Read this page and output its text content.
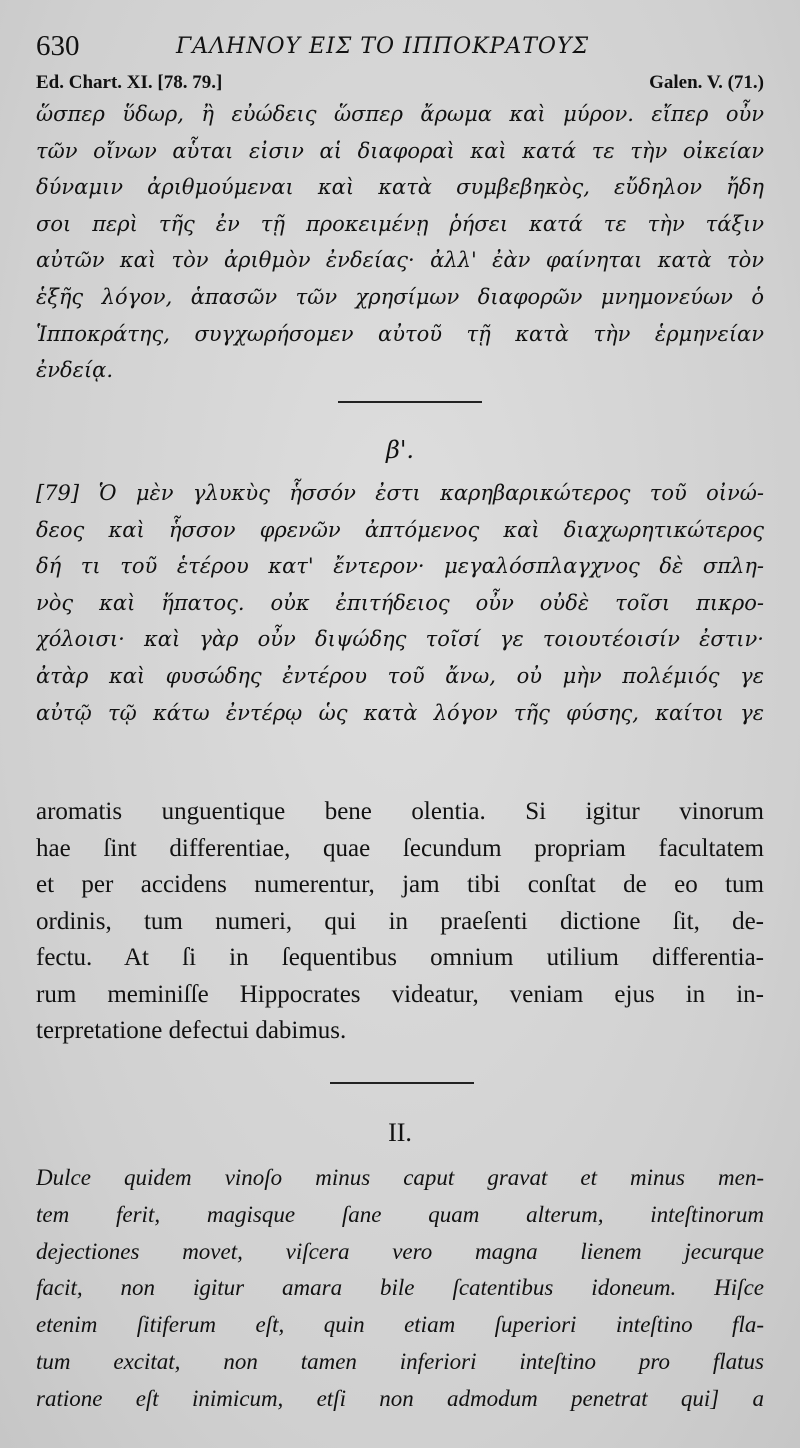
630	ΓΑΛΗΝΟΥ ΕΙΣ ΤΟ ΙΠΠΟΚΡΑΤΟΥΣ
Ed. Chart. XI. [78. 79.]	Galen. V. (71.)
ὥσπερ ὕδωρ, ἢ εὐώδεις ὥσπερ ἄρωμα καὶ μύρον. εἴπερ οὖν
τῶν οἴνων αὗται εἰσιν αἱ διαφοραὶ καὶ κατά τε τὴν οἰκείαν
δύναμιν ἀριθμούμεναι καὶ κατὰ συμβεβηκὸς, εὔδηλον ἤδη
σοι περὶ τῆς ἐν τῇ προκειμένῃ ῥήσει κατά τε τὴν τάξιν
αὐτῶν καὶ τὸν ἀριθμὸν ἐνδείας· ἀλλ' ἐὰν φαίνηται κατὰ τὸν
ἑξῆς λόγον, ἁπασῶν τῶν χρησίμων διαφορῶν μνημονεύων ὁ
Ἱπποκράτης, συγχωρήσομεν αὐτοῦ τῇ κατὰ τὴν ἑρμηνείαν
ἐνδείᾳ.
β'.
[79] Ὁ μὲν γλυκὺς ἧσσόν ἐστι καρηβαρικώτερος τοῦ οἰνώ-
δεος καὶ ἧσσον φρενῶν ἀπτόμενος καὶ διαχωρητικώτερος
δή τι τοῦ ἑτέρου κατ' ἔντερον· μεγαλόσπλαγχνος δὲ σπλη-
νὸς καὶ ἥπατος. οὐκ ἐπιτήδειος οὖν οὐδὲ τοῖσι πικρο-
χόλοισι· καὶ γὰρ οὖν διψώδης τοῖσί γε τοιουτέοισίν ἐστιν·
ἀτὰρ καὶ φυσώδης ἐντέρου τοῦ ἄνω, οὐ μὴν πολέμιός γε
αὐτῷ τῷ κάτω ἐντέρῳ ὡς κατὰ λόγον τῆς φύσης, καίτοι γε
aromatis unguentique bene olentia. Si igitur vinorum
hae ſint differentiae, quae ſecundum propriam facultatem
et per accidens numerentur, jam tibi conſtat de eo tum
ordinis, tum numeri, qui in praeſenti dictione ſit, de-
fectu. At ſi in ſequentibus omnium utilium differentia-
rum meminiſſe Hippocrates videatur, veniam ejus in in-
terpretatione defectui dabimus.
II.
Dulce quidem vinoſo minus caput gravat et minus men-
tem ferit, magisque ſane quam alterum, inteſtinorum
dejectiones movet, viſcera vero magna lienem jecurque
facit, non igitur amara bile ſcatentibus idoneum. Hiſce
etenim ſitiferum eſt, quin etiam ſuperiori inteſtino fla-
tum excitat, non tamen inferiori inteſtino pro flatus
ratione eſt inimicum, etſi non admodum penetrat qui] a
